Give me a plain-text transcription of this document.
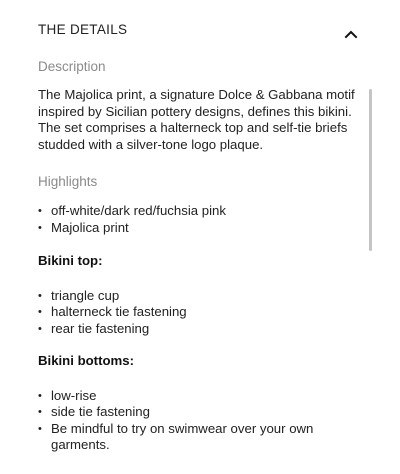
THE DETAILS

Description

The Majolica print, a signature Dolce & Gabbana motif inspired by Sicilian pottery designs, defines this bikini. The set comprises a halterneck top and self-tie briefs studded with a silver-tone logo plaque.

Highlights

• off-white/dark red/fuchsia pink
• Majolica print

Bikini top:

• triangle cup
• halterneck tie fastening
• rear tie fastening

Bikini bottoms:

• low-rise
• side tie fastening
• Be mindful to try on swimwear over your own garments.
